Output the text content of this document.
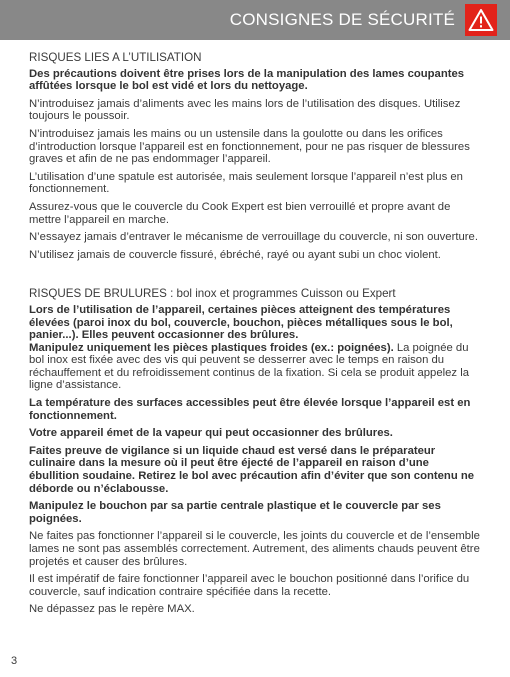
CONSIGNES DE SÉCURITÉ
RISQUES LIES A L’UTILISATION
Des précautions doivent être prises lors de la manipulation des lames coupantes affûtées lorsque le bol est vidé et lors du nettoyage.
N’introduisez jamais d’aliments avec les mains lors de l’utilisation des disques. Utilisez toujours le poussoir.
N’introduisez jamais les mains ou un ustensile dans la goulotte ou dans les orifices d’introduction lorsque l’appareil est en fonctionnement, pour ne pas risquer de blessures graves et afin de ne pas endommager l’appareil.
L’utilisation d’une spatule est autorisée, mais seulement lorsque l’appareil n’est plus en fonctionnement.
Assurez-vous que le couvercle du Cook Expert est bien verrouillé et propre avant de mettre l’appareil en marche.
N’essayez jamais d’entraver le mécanisme de verrouillage du couvercle, ni son ouverture.
N’utilisez jamais de couvercle fissuré, ébréché, rayé ou ayant subi un choc violent.
RISQUES DE BRULURES : bol inox et programmes Cuisson ou Expert
Lors de l’utilisation de l’appareil, certaines pièces atteignent des températures élevées (paroi inox du bol, couvercle, bouchon, pièces métalliques sous le bol, panier...). Elles peuvent occasionner des brûlures.
Manipulez uniquement les pièces plastiques froides (ex.: poignées). La poignée du bol inox est fixée avec des vis qui peuvent se desserrer avec le temps en raison du réchauffement et du refroidissement continus de la fixation. Si cela se produit appelez la ligne d’assistance.
La température des surfaces accessibles peut être élevée lorsque l’appareil est en fonctionnement.
Votre appareil émet de la vapeur qui peut occasionner des brûlures.
Faites preuve de vigilance si un liquide chaud est versé dans le préparateur culinaire dans la mesure où il peut être éjecté de l’appareil en raison d’une ébullition soudaine. Retirez le bol avec précaution afin d’éviter que son contenu ne déborde ou n’éclabousse.
Manipulez le bouchon par sa partie centrale plastique et le couvercle par ses poignées.
Ne faites pas fonctionner l’appareil si le couvercle, les joints du couvercle et de l’ensemble lames ne sont pas assemblés correctement. Autrement, des aliments chauds peuvent être projetés et causer des brûlures.
Il est impératif de faire fonctionner l’appareil avec le bouchon positionné dans l’orifice du couvercle, sauf indication contraire spécifiée dans la recette.
Ne dépassez pas le repère MAX.
3
